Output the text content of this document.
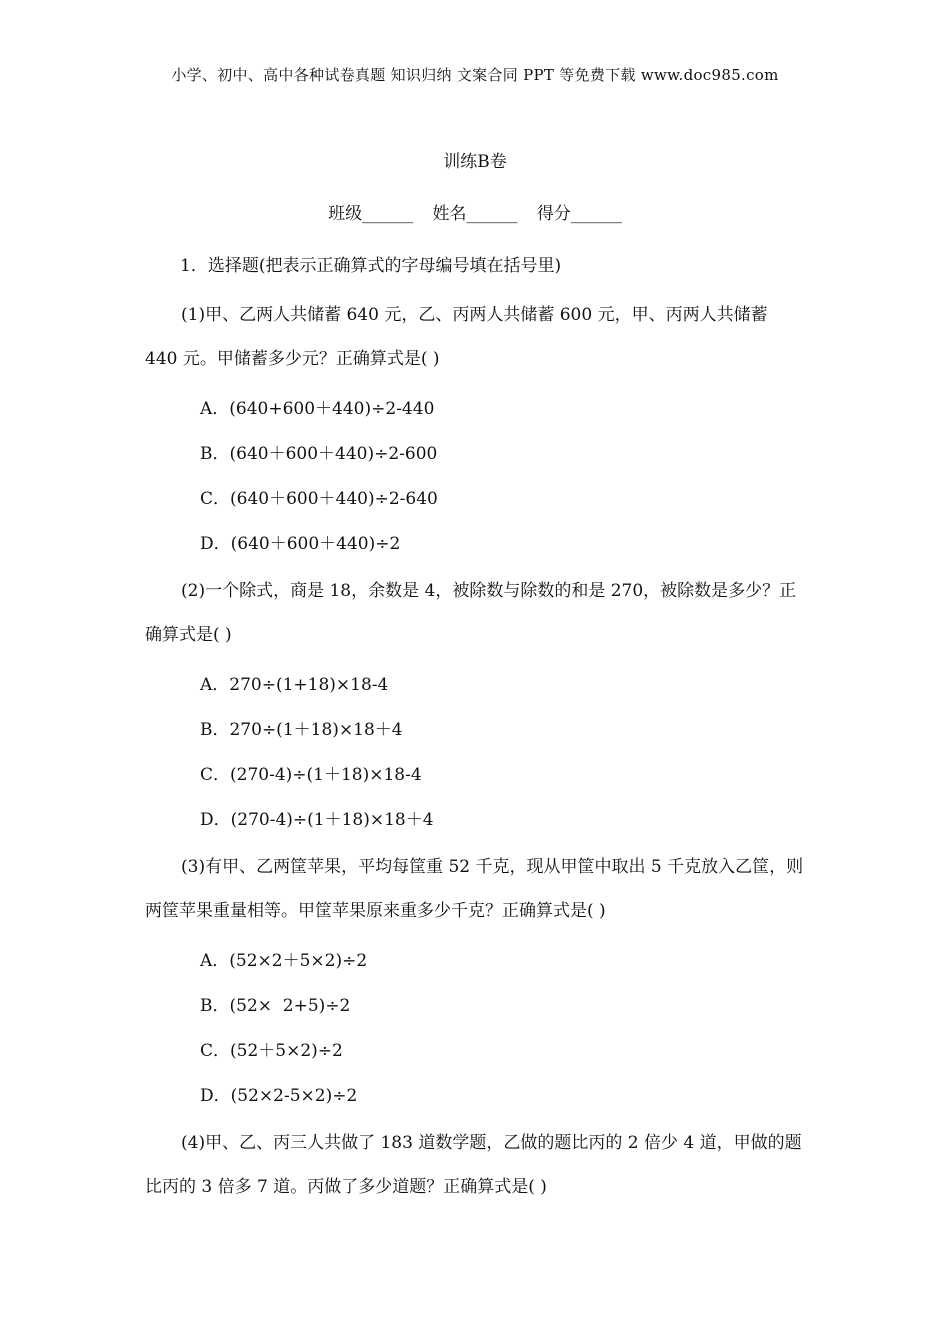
小学、初中、高中各种试卷真题 知识归纳 文案合同 PPT 等免费下载 www.doc985.com
训练B卷
班级______ 姓名______ 得分______
1．选择题(把表示正确算式的字母编号填在括号里)
(1)甲、乙两人共储蓄 640 元，乙、丙两人共储蓄 600 元，甲、丙两人共储蓄 440 元。甲储蓄多少元？正确算式是( )
A．(640+600＋440)÷2-440
B．(640＋600＋440)÷2-600
C．(640＋600＋440)÷2-640
D．(640＋600＋440)÷2
(2)一个除式，商是 18，余数是 4，被除数与除数的和是 270，被除数是多少？正确算式是( )
A．270÷(1+18)×18-4
B．270÷(1＋18)×18＋4
C．(270-4)÷(1＋18)×18-4
D．(270-4)÷(1＋18)×18＋4
(3)有甲、乙两筐苹果，平均每筐重 52 千克，现从甲筐中取出 5 千克放入乙筐，则两筐苹果重量相等。甲筐苹果原来重多少千克？正确算式是( )
A．(52×2＋5×2)÷2
B．(52×  2+5)÷2
C．(52＋5×2)÷2
D．(52×2-5×2)÷2
(4)甲、乙、丙三人共做了 183 道数学题，乙做的题比丙的 2 倍少 4 道，甲做的题比丙的 3 倍多 7 道。丙做了多少道题？正确算式是( )
